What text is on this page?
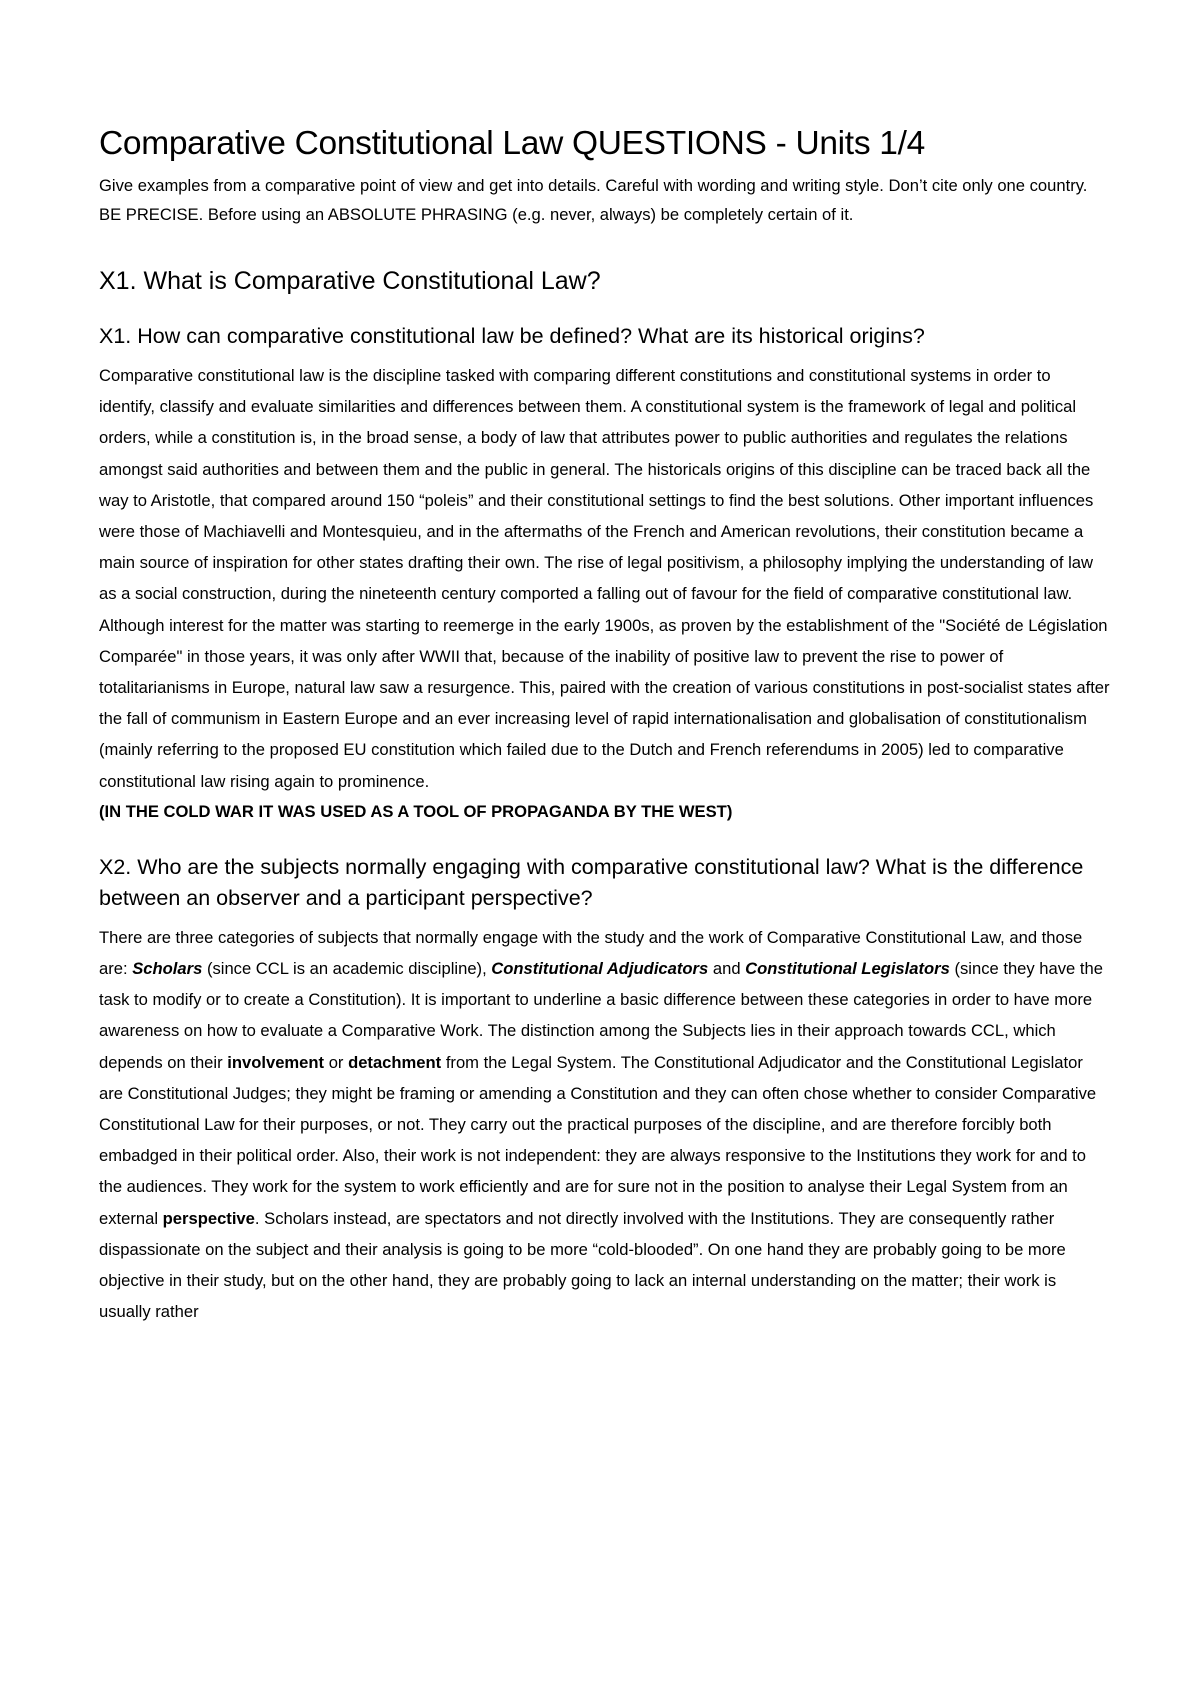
Comparative Constitutional Law QUESTIONS - Units 1/4

Give examples from a comparative point of view and get into details. Careful with wording and writing style. Don’t cite only one country. BE PRECISE. Before using an ABSOLUTE PHRASING (e.g. never, always) be completely certain of it.

X1. What is Comparative Constitutional Law?
X1. How can comparative constitutional law be defined? What are its historical origins?

Comparative constitutional law is the discipline tasked with comparing different constitutions and constitutional systems in order to identify, classify and evaluate similarities and differences between them. A constitutional system is the framework of legal and political orders, while a constitution is, in the broad sense, a body of law that attributes power to public authorities and regulates the relations amongst said authorities and between them and the public in general. The historicals origins of this discipline can be traced back all the way to Aristotle, that compared around 150 “poleis” and their constitutional settings to find the best solutions. Other important influences were those of Machiavelli and Montesquieu, and in the aftermaths of the French and American revolutions, their constitution became a main source of inspiration for other states drafting their own. The rise of legal positivism, a philosophy implying the understanding of law as a social construction, during the nineteenth century comported a falling out of favour for the field of comparative constitutional law. Although interest for the matter was starting to reemerge in the early 1900s, as proven by the establishment of the "Société de Législation Comparée" in those years, it was only after WWII that, because of the inability of positive law to prevent the rise to power of totalitarianisms in Europe, natural law saw a resurgence. This, paired with the creation of various constitutions in post-socialist states after the fall of communism in Eastern Europe and an ever increasing level of rapid internationalisation and globalisation of constitutionalism (mainly referring to the proposed EU constitution which failed due to the Dutch and French referendums in 2005) led to comparative constitutional law rising again to prominence.

(IN THE COLD WAR IT WAS USED AS A TOOL OF PROPAGANDA BY THE WEST)

X2. Who are the subjects normally engaging with comparative constitutional law? What is the difference between an observer and a participant perspective?

There are three categories of subjects that normally engage with the study and the work of Comparative Constitutional Law, and those are: Scholars (since CCL is an academic discipline), Constitutional Adjudicators and Constitutional Legislators (since they have the task to modify or to create a Constitution). It is important to underline a basic difference between these categories in order to have more awareness on how to evaluate a Comparative Work. The distinction among the Subjects lies in their approach towards CCL, which depends on their involvement or detachment from the Legal System. The Constitutional Adjudicator and the Constitutional Legislator are Constitutional Judges; they might be framing or amending a Constitution and they can often chose whether to consider Comparative Constitutional Law for their purposes, or not. They carry out the practical purposes of the discipline, and are therefore forcibly both embadged in their political order. Also, their work is not independent: they are always responsive to the Institutions they work for and to the audiences. They work for the system to work efficiently and are for sure not in the position to analyse their Legal System from an external perspective. Scholars instead, are spectators and not directly involved with the Institutions. They are consequently rather dispassionate on the subject and their analysis is going to be more “cold-blooded”. On one hand they are probably going to be more objective in their study, but on the other hand, they are probably going to lack an internal understanding on the matter; their work is usually rather
